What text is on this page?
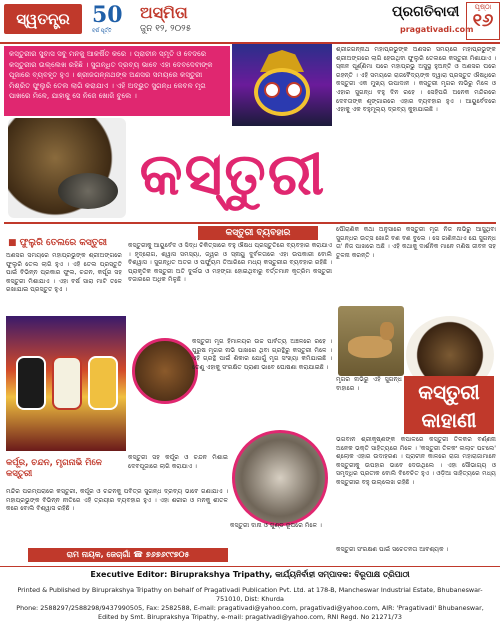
ସ୍ୱତନ୍ତ୍ର	50
ବର୍ଷ ପୂର୍ତ୍ତି
ଅସ୍ମିତା
ଜୁନ ୧୨, ୨୦୨୫
ପ୍ରଗତିବାଦୀ
pragativadi.com
ପୃଷ୍ଠା
୧୬
କସ୍ତୁରୀର ସୁବାସ ସବୁ ମନକୁ ଆକର୍ଷିତ କରେ । ପ୍ରାଚୀନ ସ୍ମୃତି ଓ ବେଦରେ କସ୍ତୁରୀର ଉଲ୍ଲେଖ ରହିଛି । ସୁଗନ୍ଧିତ ଦ୍ରବ୍ୟ ଭାବେ ଏହା ଦେବଦେବୀଙ୍କ ପୂଜାରେ ବ୍ୟବହୃତ ହୁଏ । ଶ୍ରୀଜଗନ୍ନାଥଙ୍କ ଅଣସର ସମୟରେ କସ୍ତୁରୀ ମିଶ୍ରିତ ଫୁଲୁରି ତେଲ ଲାଗି କରାଯାଏ । ଏହି ଅଦ୍ଭୁତ ସୁଗନ୍ଧ କେବଳ ମୃଗ ପାଖରେ ମିଳେ, ଯାହାକୁ ସେ ନିଜେ ଖୋଜି ବୁଲେ ।
ଶ୍ରୀଜଗନ୍ନାଥ ମହାପ୍ରଭୁଙ୍କ ଅଣସର ସମୟରେ ମହାପ୍ରଭୁଙ୍କ ଶ୍ରୀଅଙ୍ଗରେ ଲାଗି ହେଉଥିବା ଫୁଲୁରି ତେଲରେ କସ୍ତୁରୀ ମିଶାଯାଏ । ସ୍ନାନ ପୂର୍ଣ୍ଣିମା ପରେ ମହାପ୍ରଭୁ ଅସୁସ୍ଥ ହୁଅନ୍ତି ଓ ଅଣସର ଘରେ ରହନ୍ତି । ଏହି ସମୟରେ ରାଜବୈଦ୍ୟଙ୍କ ଦ୍ୱାରା ପ୍ରସ୍ତୁତ ଔଷଧିରେ କସ୍ତୁରୀ ଏକ ମୁଖ୍ୟ ଉପାଦାନ । କସ୍ତୁରୀ ମୃଗର ନାଭିରୁ ମିଳେ ଓ ଏହାର ସୁଗନ୍ଧ ବହୁ ଦିନ ରହେ । ସେହିପରି ଅନେକ ମନ୍ଦିରରେ ଦେବତାଙ୍କ ଶୃଙ୍ଗାରରେ ଏହାର ବ୍ୟବହାର ହୁଏ । ଆୟୁର୍ବେଦରେ ଏହାକୁ ଏକ ବହୁମୂଲ୍ୟ ଦ୍ରବ୍ୟ କୁହାଯାଇଛି ।
କସ୍ତୁରୀ
■ ଫୁଲୁରି ତେଲରେ କସ୍ତୁରୀ
ଅଣସର ସମୟରେ ମହାପ୍ରଭୁଙ୍କ ଶ୍ରୀଅଙ୍ଗରେ ଫୁଲୁରି ତେଲ ଲାଗି ହୁଏ । ଏହି ତେଲ ପ୍ରସ୍ତୁତି ପାଇଁ ବିଭିନ୍ନ ପ୍ରକାର ଫୁଲ, ଚନ୍ଦନ, କର୍ପୂର ସହ କସ୍ତୁରୀ ମିଶାଯାଏ । ଏହା ବର୍ଷ ସାରା ମାଟି ତଳେ ରଖାଯାଇ ପ୍ରସ୍ତୁତ ହୁଏ ।
କସ୍ତୁରୀ ବ୍ୟବହାର
କସ୍ତୁରୀକୁ ଆୟୁର୍ବେଦ ଓ ସିଦ୍ଧ ଚିକିତ୍ସାରେ ବହୁ ଔଷଧ ପ୍ରସ୍ତୁତିରେ ବ୍ୟବହାର କରାଯାଏ । ହୃଦ୍‌ରୋଗ, ଶ୍ୱାସ ସମସ୍ୟା, ଜ୍ୱର ଓ ସ୍ନାୟୁ ଦୁର୍ବଳତାରେ ଏହା ଉପକାରୀ ବୋଲି ବିଶ୍ୱାସ । ସୁଗନ୍ଧିତ ଅତର ଓ ପର୍ଫ୍ୟୁମ ତିଆରିରେ ମଧ୍ୟ କସ୍ତୁରୀର ବ୍ୟବହାର ରହିଛି । ପ୍ରାକୃତିକ କସ୍ତୁରୀ ଅତି ଦୁର୍ଲଭ ଓ ମହଙ୍ଗା ହୋଇଥିବାରୁ ବର୍ତ୍ତମାନ କୃତ୍ରିମ କସ୍ତୁରୀ ବଜାରରେ ଅଧିକ ମିଳୁଛି ।
କସ୍ତୁରୀ ମୃଗ ହିମାଳୟର ଉଚ୍ଚ ପାର୍ବତ୍ୟ ଅଞ୍ଚଳରେ ରହେ । ପୁରୁଷ ମୃଗର ନାଭି ପାଖରେ ଥିବା ଗ୍ରନ୍ଥିରୁ କସ୍ତୁରୀ ମିଳେ । ଏହି ଗ୍ରନ୍ଥି ପାଇଁ ଶିକାର ଯୋଗୁଁ ମୃଗ ସଂଖ୍ୟା କମିଯାଇଛି । ତେଣୁ ଏହାକୁ ସଂରକ୍ଷିତ ପ୍ରାଣୀ ଭାବେ ଘୋଷଣା କରାଯାଇଛି ।
ପୌରାଣିକ କଥା ଅନୁସାରେ କସ୍ତୁରୀ ମୃଗ ନିଜ ନାଭିରୁ ଆସୁଥିବା ସୁଗନ୍ଧର ଉତ୍ସ ଖୋଜି ବଣ ବଣ ବୁଲେ । ସେ ଜାଣିନଥାଏ ଯେ ସୁଗନ୍ଧ ତା' ନିଜ ପାଖରେ ଅଛି । ଏହି କଥାକୁ ଦାର୍ଶନିକ ମାନେ ମଣିଷ ଜୀବନ ସହ ତୁଳନା କରନ୍ତି ।
ମୃଗର ନାଭିରୁ ଏହି ସୁଗନ୍ଧ ବାହାରେ ।	କସ୍ତୁରୀ କାହାଣୀ
ଭଗବାନ ଶ୍ରୀକୃଷ୍ଣଙ୍କ କପାଳରେ କସ୍ତୁରୀ ତିଳକର ବର୍ଣ୍ଣନା ଅନେକ ଭକ୍ତି ସାହିତ୍ୟରେ ମିଳେ । 'କସ୍ତୁରୀ ତିଳକଂ ଲଲାଟ ପଟଲେ' ଶ୍ଲୋକ ଏହାର ଉଦାହରଣ । ପ୍ରାଚୀନ କାଳରେ ରାଜା ମହାରାଜାମାନେ କସ୍ତୁରୀକୁ ଉପହାର ଭାବେ ଦେଉଥିଲେ । ଏହା ସୌଭାଗ୍ୟ ଓ ସମୃଦ୍ଧିର ପ୍ରତୀକ ବୋଲି ବିବେଚିତ ହୁଏ । ଓଡ଼ିଆ ସାହିତ୍ୟରେ ମଧ୍ୟ କସ୍ତୁରୀର ବହୁ ଉଲ୍ଲେଖ ରହିଛି ।
କର୍ପୂର, ଚନ୍ଦନ, ମୃଗନାଭି ମିଳେ କସ୍ତୁରୀ
କସ୍ତୁରୀ ସହ କର୍ପୂର ଓ ଚନ୍ଦନ ମିଶାଇ ଦେବପୂଜାରେ ଲାଗି କରାଯାଏ ।
ମନ୍ଦିର ପରମ୍ପରାରେ କସ୍ତୁରୀ, କର୍ପୂର ଓ ଚନ୍ଦନକୁ ପବିତ୍ର ସୁଗନ୍ଧ ଦ୍ରବ୍ୟ ଭାବେ ଗଣାଯାଏ । ମହାପ୍ରଭୁଙ୍କ ବିଭିନ୍ନ ନୀତିରେ ଏହି ତ୍ରୟୀର ବ୍ୟବହାର ହୁଏ । ଏହା ଶରୀର ଓ ମନକୁ ଶୀତଳ କରେ ବୋଲି ବିଶ୍ୱାସ ରହିଛି ।
କସ୍ତୁରୀ ଦାନା ଓ ଗୁଣ୍ଡ ରୂପରେ ମିଳେ ।
ରାମ ନାୟକ, ଜେଚାଗାଁ ☎ ୭୬୭୬୯୯୭୦୫
କସ୍ତୁରୀ ସଂରକ୍ଷଣ ପାଇଁ ସଚେତନତା ଆବଶ୍ୟକ ।
Executive Editor: Biruprakshya Tripathy, କାର୍ଯ୍ୟନିର୍ବାହୀ ସମ୍ପାଦକ: ବିରୂପାକ୍ଷ ତ୍ରିପାଠୀ
Printed & Published by Biruprakshya Tripathy on behalf of Pragativadi Publication Pvt. Ltd. at 178-B, Mancheswar Industrial Estate, Bhubaneswar-751010, Dist: Khurda
Phone: 2588297/2588298/9437990505, Fax: 2582588, E-mail: pragativadi@yahoo.com, pragativadi@yahoo.com, AIR: 'Pragativadi' Bhubaneswar,
Edited by Smt. Biruprakshya Tripathy, e-mail: pragativadi@yahoo.com, RNI Regd. No 21271/73
